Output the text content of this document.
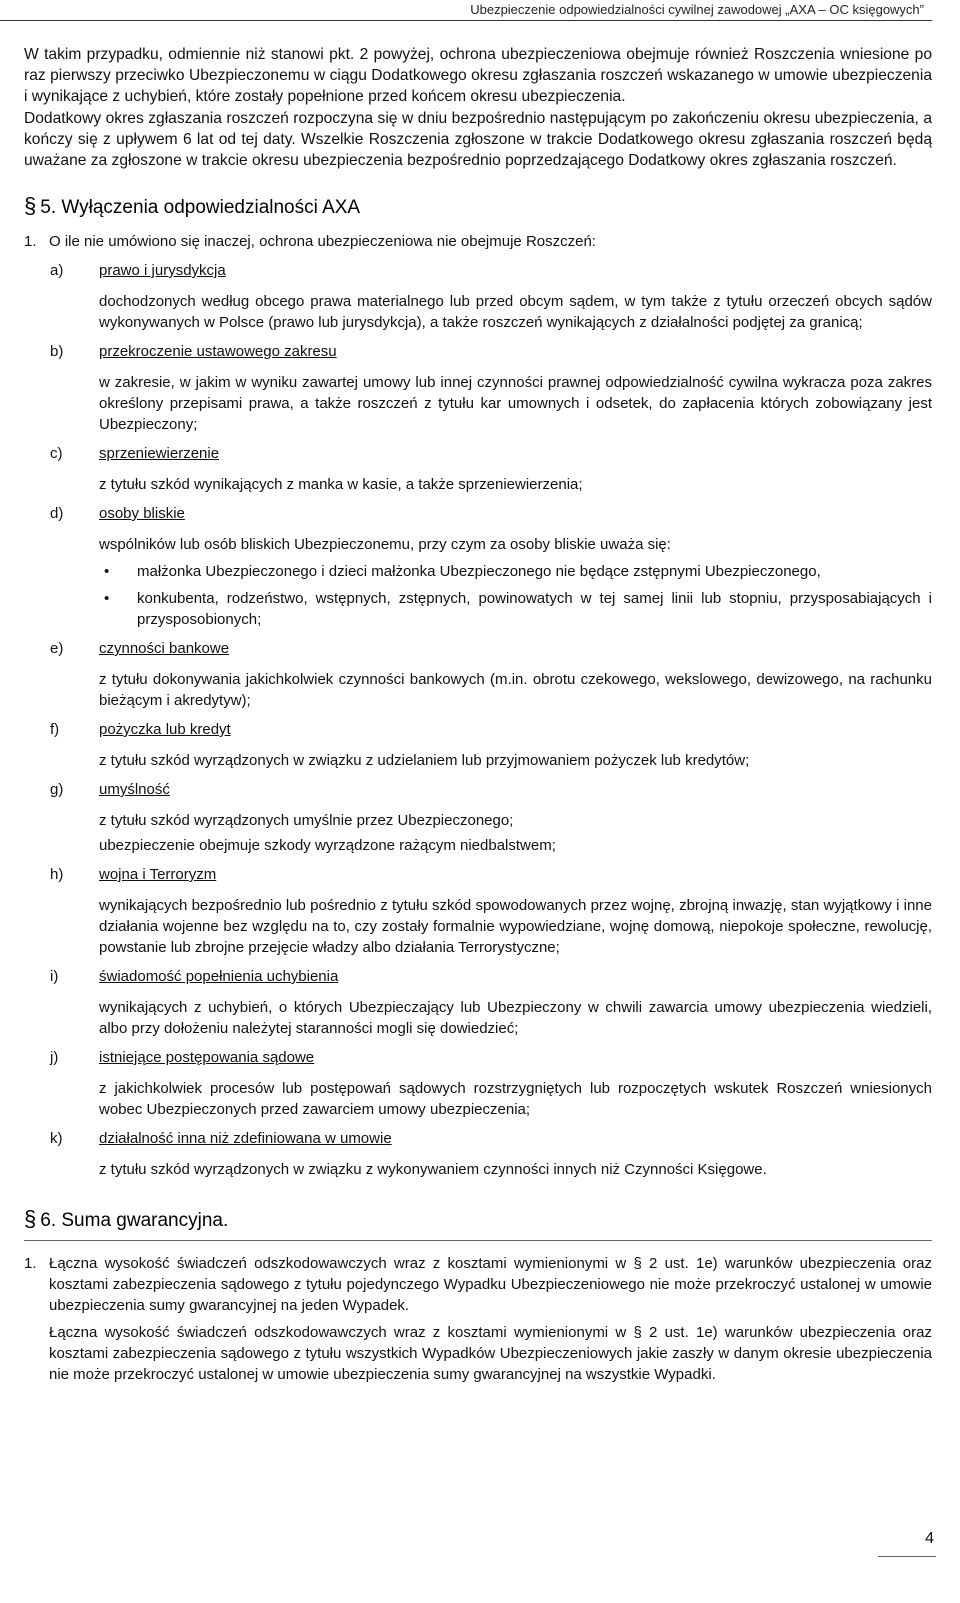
Ubezpieczenie odpowiedzialności cywilnej zawodowej „AXA – OC księgowych”

W takim przypadku, odmiennie niż stanowi pkt. 2 powyżej, ochrona ubezpieczeniowa obejmuje również Roszczenia wniesione po raz pierwszy przeciwko Ubezpieczonemu w ciągu Dodatkowego okresu zgłaszania roszczeń wskazanego w umowie ubezpieczenia i wynikające z uchybień, które zostały popełnione przed końcem okresu ubezpieczenia.

Dodatkowy okres zgłaszania roszczeń rozpoczyna się w dniu bezpośrednio następującym po zakończeniu okresu ubezpieczenia, a kończy się z upływem 6 lat od tej daty. Wszelkie Roszczenia zgłoszone w trakcie Dodatkowego okresu zgłaszania roszczeń będą uważane za zgłoszone w trakcie okresu ubezpieczenia bezpośrednio poprzedzającego Dodatkowy okres zgłaszania roszczeń.

§ 5. Wyłączenia odpowiedzialności AXA
1. O ile nie umówiono się inaczej, ochrona ubezpieczeniowa nie obejmuje Roszczeń:
a) prawo i jurysdykcja
dochodzonych według obcego prawa materialnego lub przed obcym sądem, w tym także z tytułu orzeczeń obcych sądów wykonywanych w Polsce (prawo lub jurysdykcja), a także roszczeń wynikających z działalności podjętej za granicą;
b) przekroczenie ustawowego zakresu
w zakresie, w jakim w wyniku zawartej umowy lub innej czynności prawnej odpowiedzialność cywilna wykracza poza zakres określony przepisami prawa, a także roszczeń z tytułu kar umownych i odsetek, do zapłacenia których zobowiązany jest Ubezpieczony;
c) sprzeniewierzenie
z tytułu szkód wynikających z manka w kasie, a także sprzeniewierzenia;
d) osoby bliskie
wspólników lub osób bliskich Ubezpieczonemu, przy czym za osoby bliskie uważa się:
• małżonka Ubezpieczonego i dzieci małżonka Ubezpieczonego nie będące zstępnymi Ubezpieczonego,
• konkubenta, rodzeństwo, wstępnych, zstępnych, powinowatych w tej samej linii lub stopniu, przysposabiających i przysposobionych;
e) czynności bankowe
z tytułu dokonywania jakichkolwiek czynności bankowych (m.in. obrotu czekowego, wekslowego, dewizowego, na rachunku bieżącym i akredytyw);
f)	pożyczka lub kredyt
z tytułu szkód wyrządzonych w związku z udzielaniem lub przyjmowaniem pożyczek lub kredytów;
g) umyślność
z tytułu szkód wyrządzonych umyślnie przez Ubezpieczonego;
ubezpieczenie obejmuje szkody wyrządzone rażącym niedbalstwem;
h) wojna i Terroryzm
wynikających bezpośrednio lub pośrednio z tytułu szkód spowodowanych przez wojnę, zbrojną inwazję, stan wyjątkowy i inne działania wojenne bez względu na to, czy zostały formalnie wypowiedziane, wojnę domową, niepokoje społeczne, rewolucję, powstanie lub zbrojne przejęcie władzy albo działania Terrorystyczne;
i)	świadomość popełnienia uchybienia
wynikających z uchybień, o których Ubezpieczający lub Ubezpieczony w chwili zawarcia umowy ubezpieczenia wiedzieli, albo przy dołożeniu należytej staranności mogli się dowiedzieć;
j)	istniejące postępowania sądowe
z jakichkolwiek procesów lub postępowań sądowych rozstrzygniętych lub rozpoczętych wskutek Roszczeń wniesionych wobec Ubezpieczonych przed zawarciem umowy ubezpieczenia;
k) działalność inna niż zdefiniowana w umowie
z tytułu szkód wyrządzonych w związku z wykonywaniem czynności innych niż Czynności Księgowe.
§ 6. Suma gwarancyjna.
1. Łączna wysokość świadczeń odszkodowawczych wraz z kosztami wymienionymi w § 2 ust. 1e) warunków ubezpieczenia oraz kosztami zabezpieczenia sądowego z tytułu pojedynczego Wypadku Ubezpieczeniowego nie może przekroczyć ustalonej w umowie ubezpieczenia sumy gwarancyjnej na jeden Wypadek.
Łączna wysokość świadczeń odszkodowawczych wraz z kosztami wymienionymi w § 2 ust. 1e) warunków ubezpieczenia oraz kosztami zabezpieczenia sądowego z tytułu wszystkich Wypadków Ubezpieczeniowych jakie zaszły w danym okresie ubezpieczenia nie może przekroczyć ustalonej w umowie ubezpieczenia sumy gwarancyjnej na wszystkie Wypadki.
4
